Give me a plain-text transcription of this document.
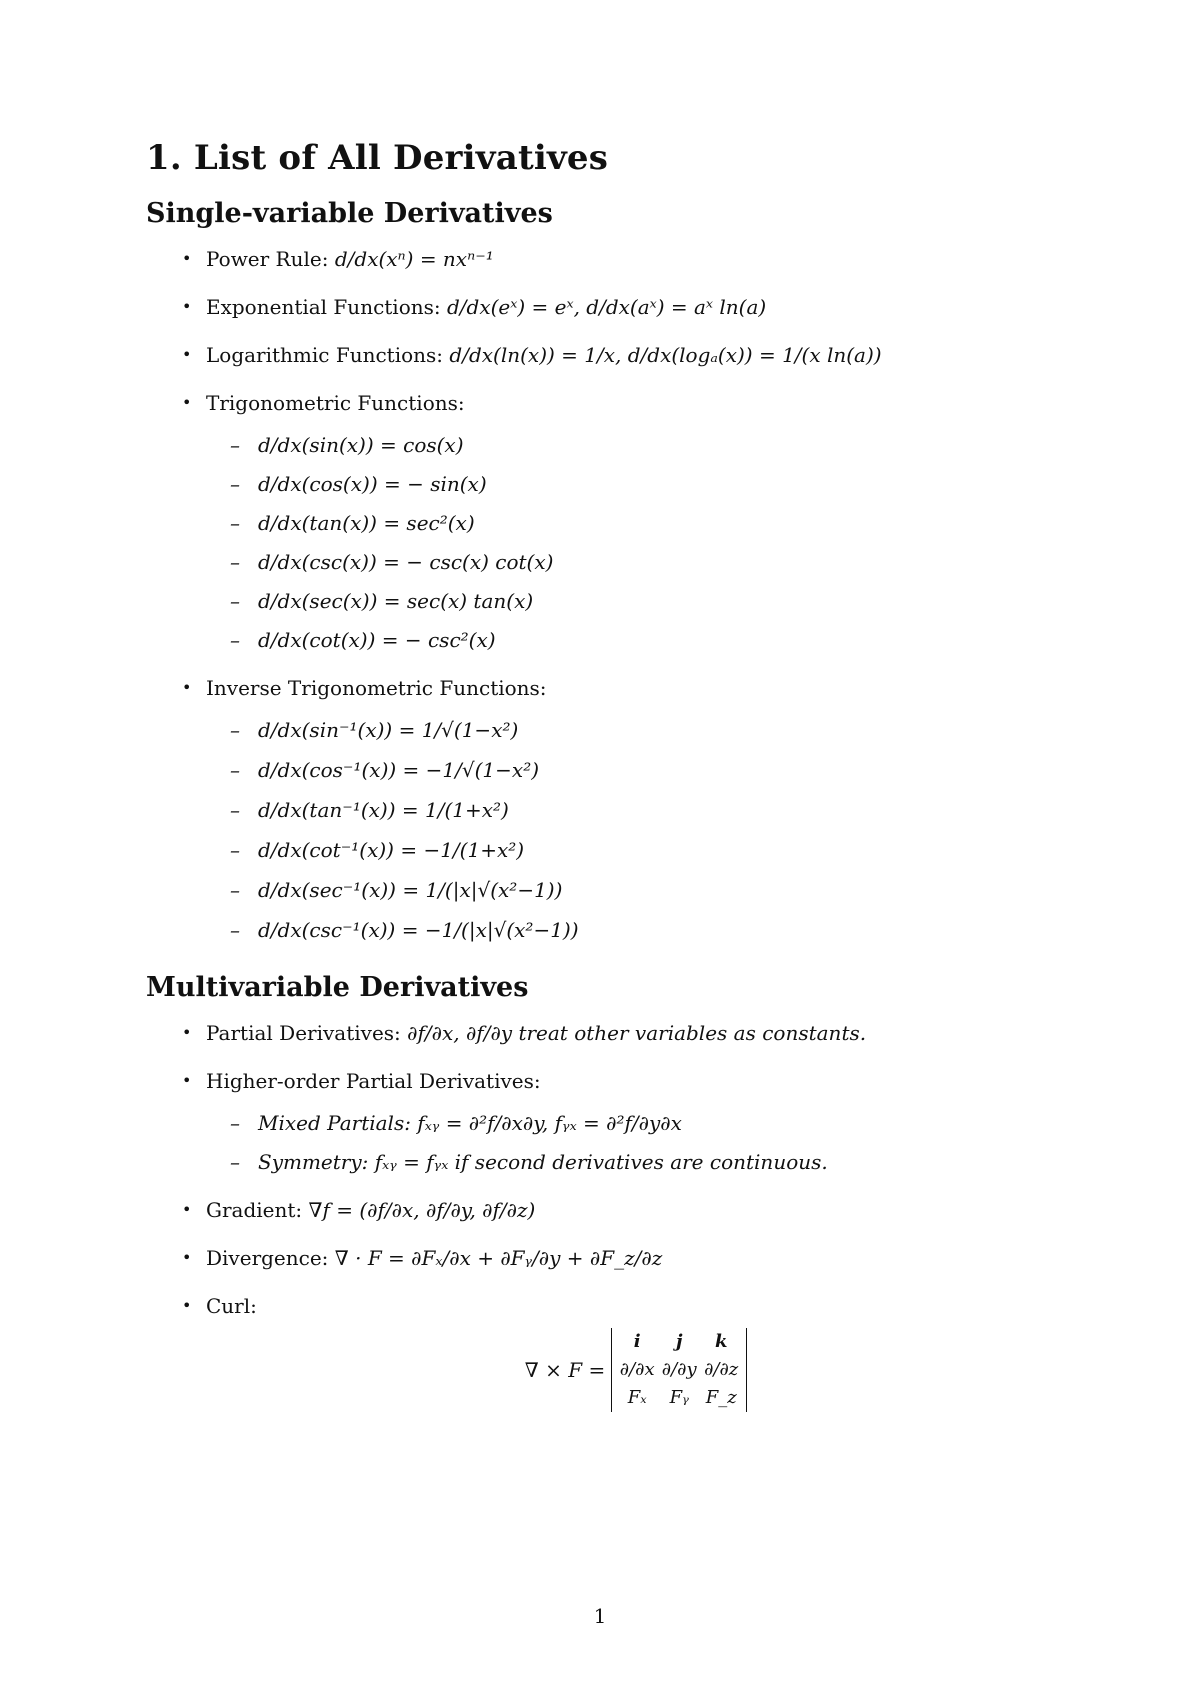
1. List of All Derivatives
Single-variable Derivatives
• Power Rule: d/dx(xⁿ) = nxⁿ⁻¹
• Exponential Functions: d/dx(eˣ) = eˣ, d/dx(aˣ) = aˣ ln(a)
• Logarithmic Functions: d/dx(ln(x)) = 1/x, d/dx(logₐ(x)) = 1/(x ln(a))
• Trigonometric Functions:
– d/dx(sin(x)) = cos(x)
– d/dx(cos(x)) = − sin(x)
– d/dx(tan(x)) = sec²(x)
– d/dx(csc(x)) = − csc(x) cot(x)
– d/dx(sec(x)) = sec(x) tan(x)
– d/dx(cot(x)) = − csc²(x)
• Inverse Trigonometric Functions:
– d/dx(sin⁻¹(x)) = 1/√(1−x²)
– d/dx(cos⁻¹(x)) = −1/√(1−x²)
– d/dx(tan⁻¹(x)) = 1/(1+x²)
– d/dx(cot⁻¹(x)) = −1/(1+x²)
– d/dx(sec⁻¹(x)) = 1/(|x|√(x²−1))
– d/dx(csc⁻¹(x)) = −1/(|x|√(x²−1))
Multivariable Derivatives
• Partial Derivatives: ∂f/∂x, ∂f/∂y treat other variables as constants.
• Higher-order Partial Derivatives:
– Mixed Partials: fₓᵧ = ∂²f/∂x∂y, fᵧₓ = ∂²f/∂y∂x
– Symmetry: fₓᵧ = fᵧₓ if second derivatives are continuous.
• Gradient: ∇f = (∂f/∂x, ∂f/∂y, ∂f/∂z)
• Divergence: ∇ · F = ∂Fₓ/∂x + ∂Fᵧ/∂y + ∂F_z/∂z
• Curl:
∇ × F =
i	j	k
∂/∂x ∂/∂y ∂/∂z
Fₓ	Fᵧ F_z
1
